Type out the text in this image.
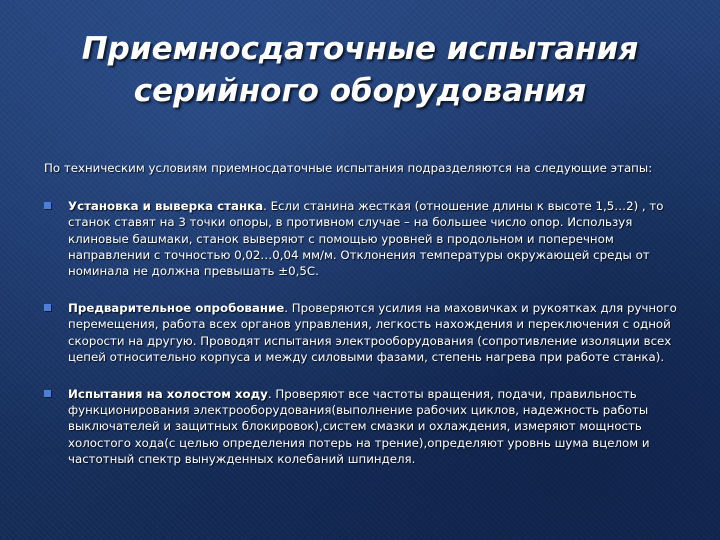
Приемносдаточные испытания серийного оборудования

По техническим условиям приемносдаточные испытания подразделяются на следующие этапы:

Установка и выверка станка. Если станина жесткая (отношение длины к высоте 1,5…2) , то станок ставят на 3 точки опоры, в противном случае – на большее число опор. Используя клиновые башмаки, станок выверяют с помощью уровней в продольном и поперечном направлении с точностью 0,02…0,04 мм/м. Отклонения температуры окружающей среды от номинала не должна превышать ±0,5С.
Предварительное опробование. Проверяются усилия на маховичках и рукоятках для ручного перемещения, работа всех органов управления, легкость нахождения и переключения с одной скорости на другую. Проводят испытания электрооборудования (сопротивление изоляции всех цепей относительно корпуса и между силовыми фазами, степень нагрева при работе станка).
Испытания на холостом ходу. Проверяют все частоты вращения, подачи, правильность функционирования электрооборудования(выполнение рабочих циклов, надежность работы выключателей и защитных блокировок),систем смазки и охлаждения, измеряют мощность холостого хода(с целью определения потерь на трение),определяют уровнь шума вцелом и частотный спектр вынужденных колебаний шпинделя.
